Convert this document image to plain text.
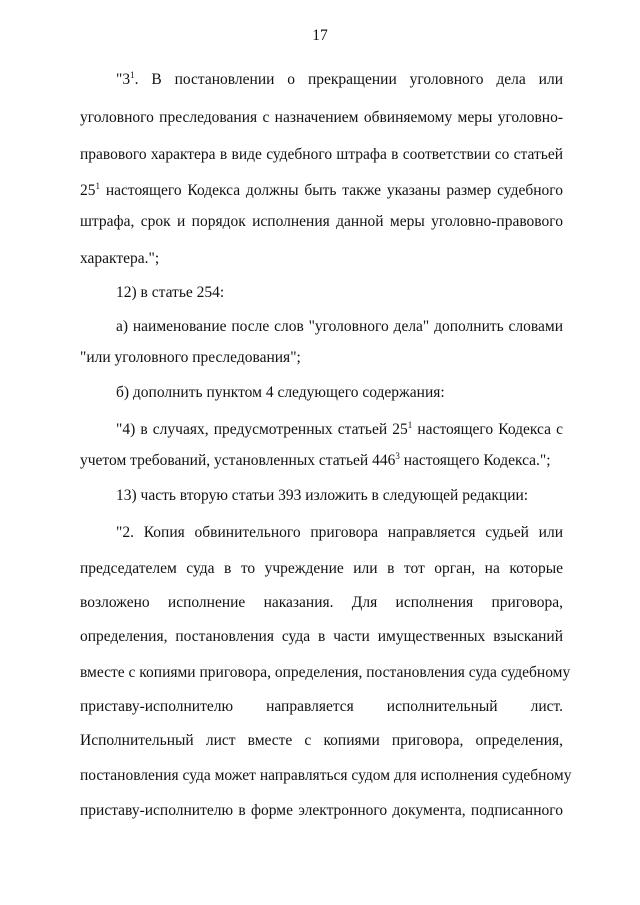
17
"$3^1$. В постановлении о прекращении уголовного дела или
уголовного преследования с назначением обвиняемому меры уголовно-
правового характера в виде судебного штрафа в соответствии со статьей
$25^1$ настоящего Кодекса должны быть также указаны размер судебного
штрафа, срок и порядок исполнения данной меры уголовно-правового
характера.";
12) в статье 254:
а) наименование после слов "уголовного дела" дополнить словами
"или уголовного преследования";
б) дополнить пунктом 4 следующего содержания:
"4) в случаях, предусмотренных статьей $25^1$ настоящего Кодекса с
учетом требований, установленных статьей $446^3$ настоящего Кодекса.";
13) часть вторую статьи 393 изложить в следующей редакции:
"2. Копия обвинительного приговора направляется судьей или
председателем суда в то учреждение или в тот орган, на которые
возложено исполнение наказания. Для исполнения приговора,
определения, постановления суда в части имущественных взысканий
вместе с копиями приговора, определения, постановления суда судебному
приставу-исполнителю направляется исполнительный лист.
Исполнительный лист вместе с копиями приговора, определения,
постановления суда может направляться судом для исполнения судебному
приставу-исполнителю в форме электронного документа, подписанного
